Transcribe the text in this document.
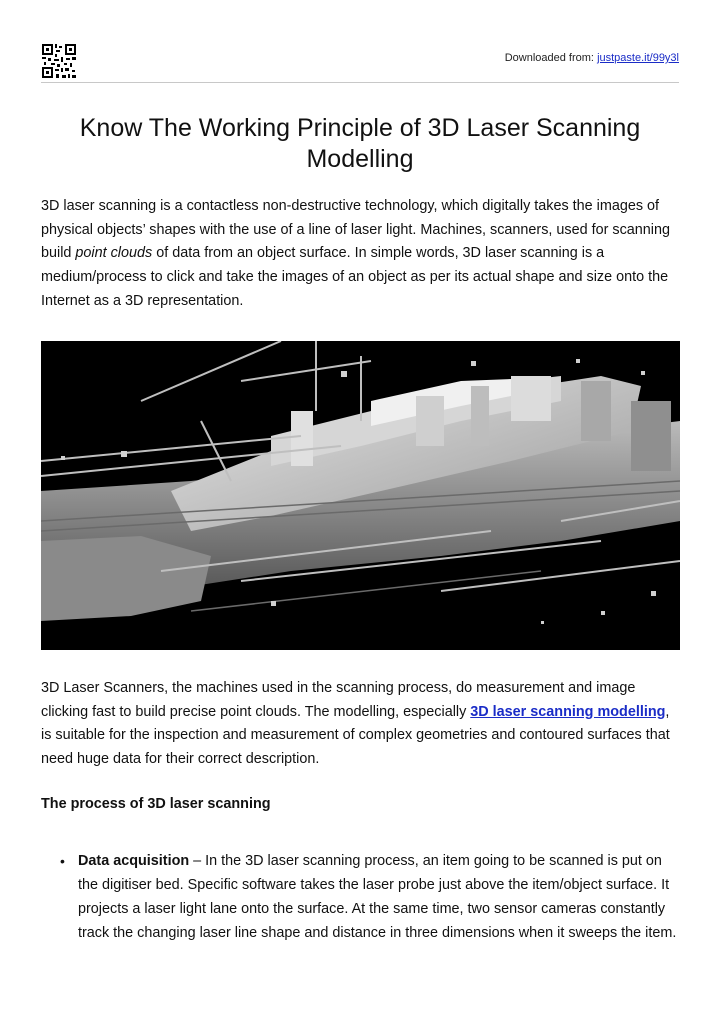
Downloaded from: justpaste.it/99y3l
Know The Working Principle of 3D Laser Scanning Modelling

3D laser scanning is a contactless non-destructive technology, which digitally takes the images of physical objects’ shapes with the use of a line of laser light. Machines, scanners, used for scanning build point clouds of data from an object surface. In simple words, 3D laser scanning is a medium/process to click and take the images of an object as per its actual shape and size onto the Internet as a 3D representation.

3D Laser Scanners, the machines used in the scanning process, do measurement and image clicking fast to build precise point clouds. The modelling, especially 3D laser scanning modelling, is suitable for the inspection and measurement of complex geometries and contoured surfaces that need huge data for their correct description.

The process of 3D laser scanning

• Data acquisition – In the 3D laser scanning process, an item going to be scanned is put on the digitiser bed. Specific software takes the laser probe just above the item/object surface. It projects a laser light lane onto the surface. At the same time, two sensor cameras constantly track the changing laser line shape and distance in three dimensions when it sweeps the item.
